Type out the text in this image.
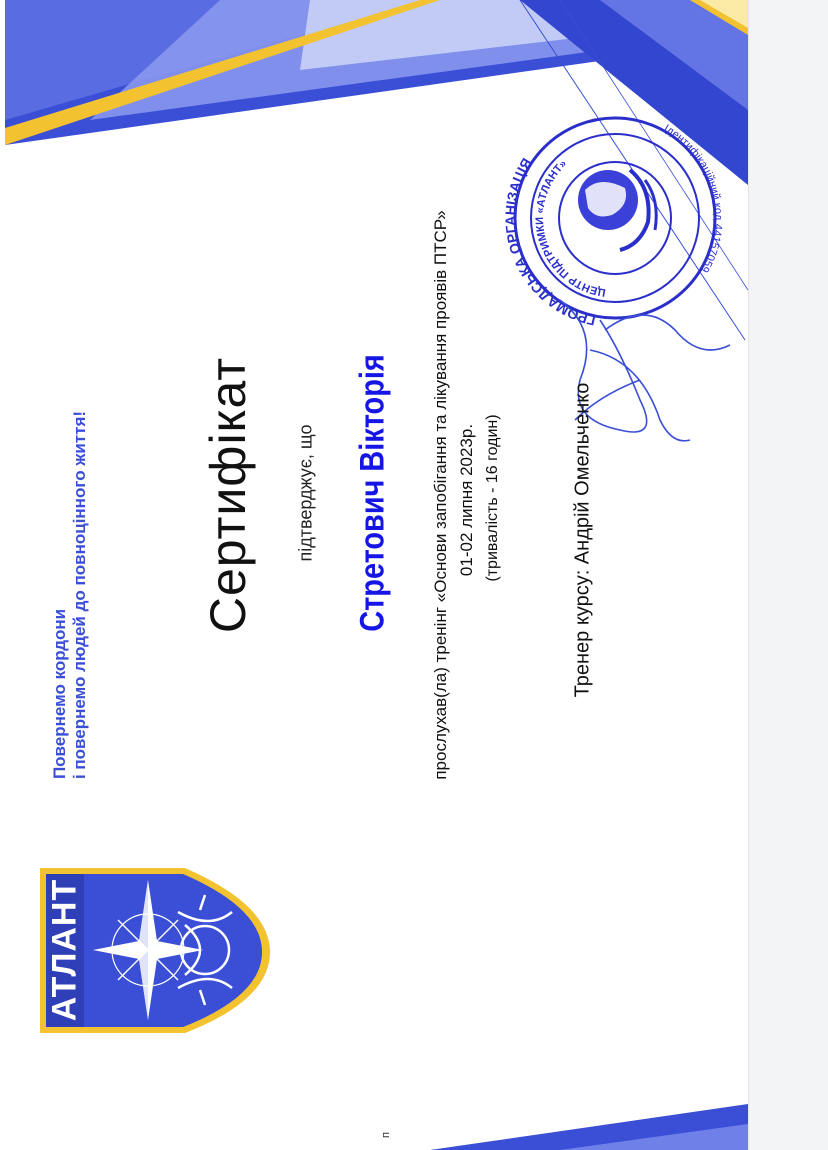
ГРОМАДСЬКА ОРГАНІЗАЦІЯ
ЦЕНТР ПІДТРИМКИ «АТЛАНТ»
Ідентифікаційний код 44157059
Повернемо кордони і повернемо людей до повноцінного життя! Сертифікат підтверджує, що Стретович Вікторія прослухав(ла) тренінг «Основи запобігання та лікування проявів ПТСР» 01-02 липня 2023р. (тривалість - 16 годин)	Тренер курсу: Андрій Омельченко
АТЛАНТ
п
